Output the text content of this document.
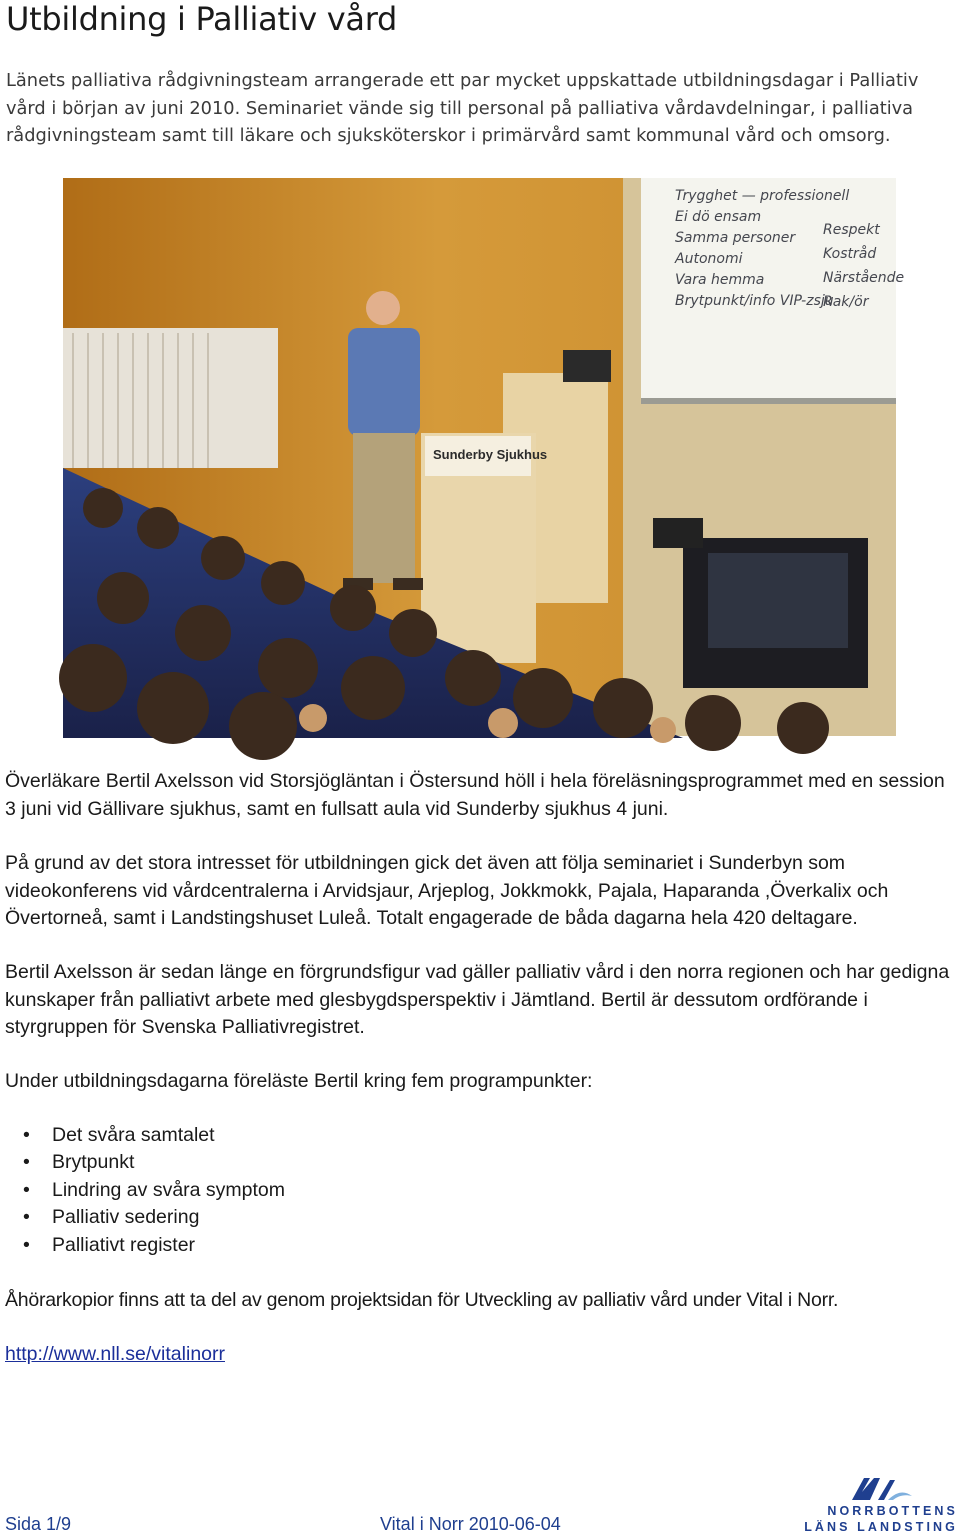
Utbildning i Palliativ vård

Länets palliativa rådgivningsteam arrangerade ett par mycket uppskattade utbildningsdagar i Palliativ vård i början av juni 2010. Seminariet vände sig till personal på palliativa vårdavdelningar, i palliativa rådgivningsteam samt till läkare och sjuksköterskor i primärvård samt kommunal vård och omsorg.

Sunderby Sjukhus
Trygghet — professionell
Ei dö ensam
Samma personer
Autonomi
Vara hemma
Brytpunkt/info VIP-zsju
Respekt
Kostråd
Närstående
Rak/ör

Överläkare Bertil Axelsson vid Storsjögläntan i Östersund höll i hela föreläsningsprogrammet med en session 3 juni vid Gällivare sjukhus, samt en fullsatt aula vid Sunderby sjukhus 4 juni.

På grund av det stora intresset för utbildningen gick det även att följa seminariet i Sunderbyn som videokonferens vid vårdcentralerna i Arvidsjaur, Arjeplog, Jokkmokk, Pajala, Haparanda ,Överkalix och Övertorneå, samt i Landstingshuset Luleå. Totalt engagerade de båda dagarna hela 420 deltagare.

Bertil Axelsson är sedan länge en förgrundsfigur vad gäller palliativ vård i den norra regionen och har gedigna kunskaper från palliativt arbete med glesbygdsperspektiv i Jämtland. Bertil är dessutom ordförande i styrgruppen för Svenska Palliativregistret.

Under utbildningsdagarna föreläste Bertil kring fem programpunkter:

• Det svåra samtalet
• Brytpunkt
• Lindring av svåra symptom
• Palliativ sedering
• Palliativt register

Åhörarkopior finns att ta del av genom projektsidan för Utveckling av palliativ vård under Vital i Norr.

http://www.nll.se/vitalinorr
Sida 1/9	Vital i Norr 2010-06-04
NORRBOTTENS
LÄNS LANDSTING
